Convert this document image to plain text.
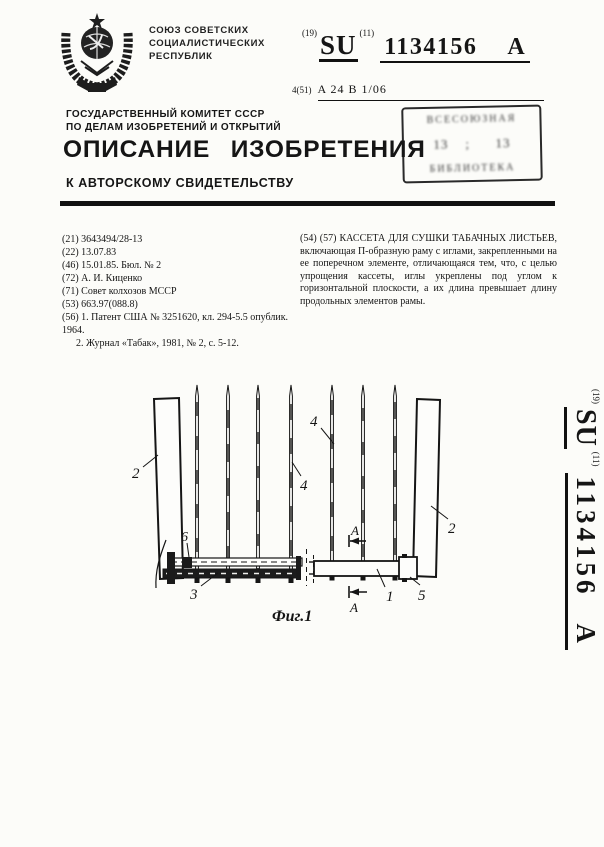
СОЮЗ СОВЕТСКИХ
СОЦИАЛИСТИЧЕСКИХ
РЕСПУБЛИК
$^{(19)}$ SU $^{(11)}$1134156 A
4(51) A 24 B 1/06
ВСЕСОЮЗНАЯ
13    ;      13
БИБЛИОТЕКА
ГОСУДАРСТВЕННЫЙ КОМИТЕТ СССР
ПО ДЕЛАМ ИЗОБРЕТЕНИЙ И ОТКРЫТИЙ
ОПИСАНИЕ ИЗОБРЕТЕНИЯ
К АВТОРСКОМУ СВИДЕТЕЛЬСТВУ
(21) 3643494/28-13
(22) 13.07.83
(46) 15.01.85. Бюл. № 2
(72) А. И. Киценко
(71) Совет колхозов МССР
(53) 663.97(088.8)
(56) 1. Патент США № 3251620, кл. 294-5.5 опублик. 1964.
2. Журнал «Табак», 1981, № 2, с. 5-12.
(54) (57) КАССЕТА ДЛЯ СУШКИ ТАБАЧНЫХ ЛИСТЬЕВ, включающая П-образную раму с иглами, закрепленными на ее поперечном элементе, отличающаяся тем, что, с целью упрощения кассеты, иглы укреплены под углом к горизонтальной плоскости, а их длина превышает длину продольных элементов рамы.
$^{(19)}$SU$^{(11)}$1134156A
А
А
2
2
4
4
6
3	1 5
Фиг.1
